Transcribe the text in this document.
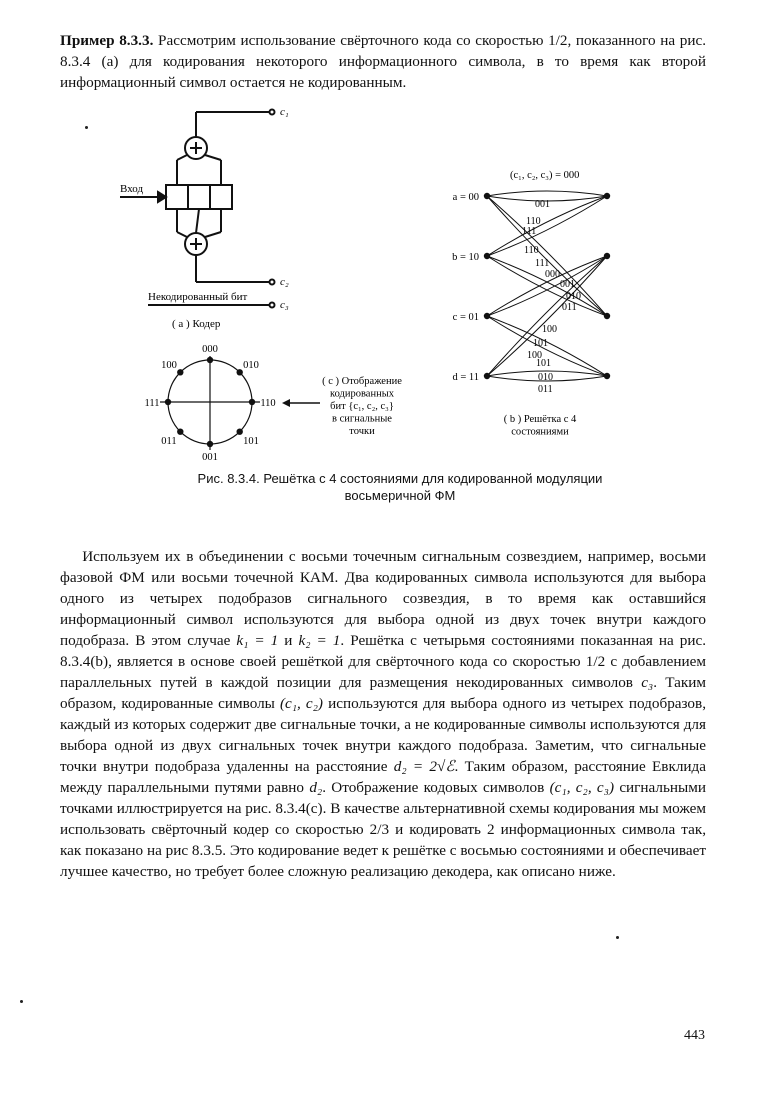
Пример 8.3.3. Рассмотрим использование свёрточного кода со скоростью 1/2, показанного на рис. 8.3.4 (а) для кодирования некоторого информационного символа, в то время как второй информационный символ остается не кодированным.

Вход
Некодированный бит
c₁
c₂
c₃
( a ) Кодер
000
010
110
101
001
011
111
100
( c ) Отображение
кодированных
бит {c₁, c₂, c₃}
в сигнальные
точки
(c₁, c₂, c₃) = 000
a = 00
b = 10
c = 01
d = 11
001
110
111
110
111
000
001
010
011
100
101
100
101
010
011
( b ) Решётка с 4
состояниями
Рис. 8.3.4. Решётка с 4 состояниями для кодированной модуляции
восьмеричной ФМ

Используем их в объединении с восьми точечным сигнальным созвездием, например, восьми фазовой ФМ или восьми точечной КАМ. Два кодированных символа используются для выбора одного из четырех подобразов сигнального созвездия, в то время как оставшийся информационный символ используются для выбора одной из двух точек внутри каждого подобраза. В этом случае k₁ = 1 и k₂ = 1. Решётка с четырьмя состояниями показанная на рис. 8.3.4(b), является в основе своей решёткой для свёрточного кода со скоростью 1/2 с добавлением параллельных путей в каждой позиции для размещения некодированных символов c₃. Таким образом, кодированные символы (c₁, c₂) используются для выбора одного из четырех подобразов, каждый из которых содержит две сигнальные точки, а не кодированные символы используются для выбора одной из двух сигнальных точек внутри каждого подобраза. Заметим, что сигнальные точки внутри подобраза удаленны на расстояние d₂ = 2√ℰ. Таким образом, расстояние Евклида между параллельными путями равно d₂. Отображение кодовых символов (c₁, c₂, c₃) сигнальными точками иллюстрируется на рис. 8.3.4(c). В качестве альтернативной схемы кодирования мы можем использовать свёрточный кодер со скоростью 2/3 и кодировать 2 информационных символа так, как показано на рис 8.3.5. Это кодирование ведет к решётке с восьмью состояниями и обеспечивает лучшее качество, но требует более сложную реализацию декодера, как описано ниже.

443
